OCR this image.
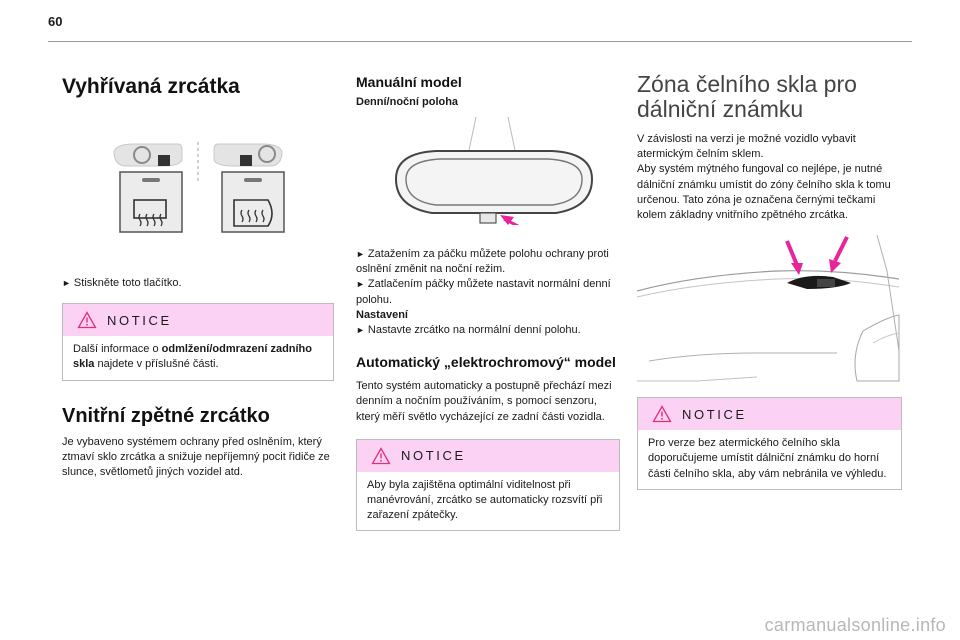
60
Vyhřívaná zrcátka

► Stiskněte toto tlačítko.

NOTICE

Další informace o odmlžení/odmrazení zadního skla najdete v příslušné části.

Vnitřní zpětné zrcátko

Je vybaveno systémem ochrany před oslněním, který ztmaví sklo zrcátka a snižuje nepříjemný pocit řidiče ze slunce, světlometů jiných vozidel atd.

Manuální model
Denní/noční poloha

► Zatažením za páčku můžete polohu ochrany proti oslnění změnit na noční režim.

► Zatlačením páčky můžete nastavit normální denní polohu.

Nastavení

► Nastavte zrcátko na normální denní polohu.

Automatický „elektrochromový“ model

Tento systém automaticky a postupně přechází mezi denním a nočním používáním, s pomocí senzoru, který měří světlo vycházející ze zadní části vozidla.

NOTICE

Aby byla zajištěna optimální viditelnost při manévrování, zrcátko se automaticky rozsvítí při zařazení zpátečky.

Zóna čelního skla pro dálniční známku

V závislosti na verzi je možné vozidlo vybavit atermickým čelním sklem.
Aby systém mýtného fungoval co nejlépe, je nutné dálniční známku umístit do zóny čelního skla k tomu určenou. Tato zóna je označena černými tečkami kolem základny vnitřního zpětného zrcátka.

NOTICE

Pro verze bez atermického čelního skla doporučujeme umístit dálniční známku do horní části čelního skla, aby vám nebránila ve výhledu.

carmanualsonline.info
